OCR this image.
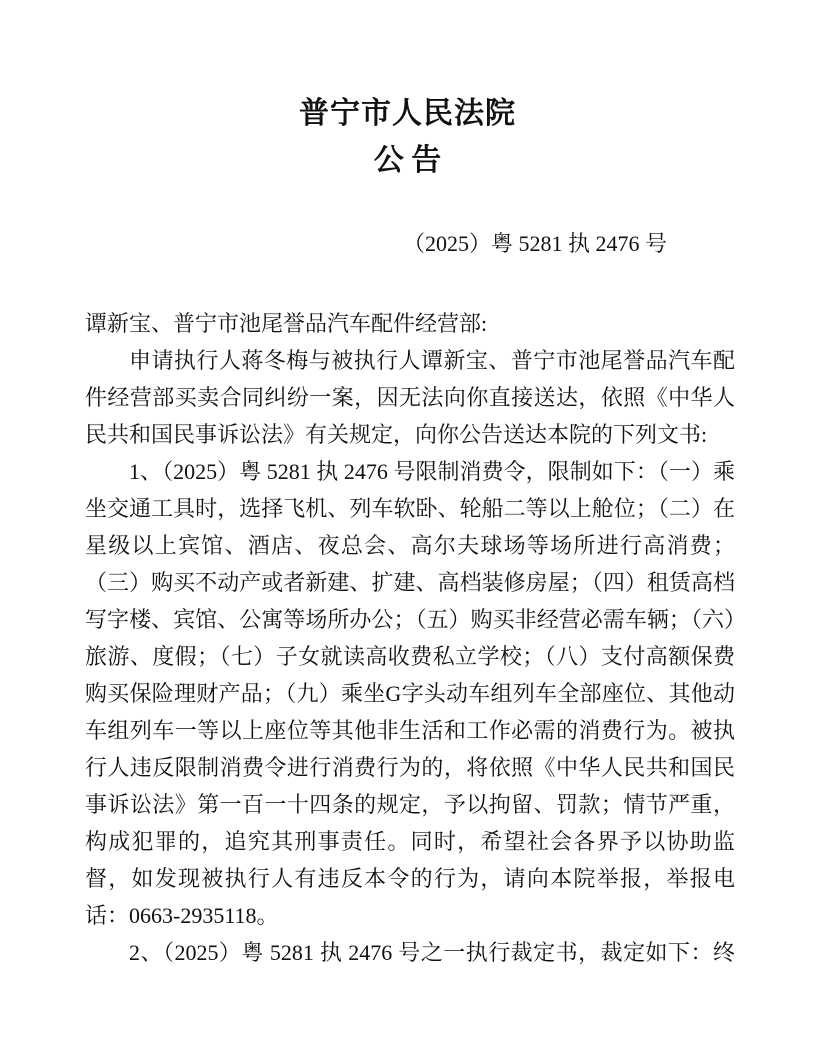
普宁市人民法院
公 告
（2025）粤 5281 执 2476 号

谭新宝、普宁市池尾誉品汽车配件经营部:

申请执行人蒋冬梅与被执行人谭新宝、普宁市池尾誉品汽车配件经营部买卖合同纠纷一案，因无法向你直接送达，依照《中华人民共和国民事诉讼法》有关规定，向你公告送达本院的下列文书:

1、（2025）粤 5281 执 2476 号限制消费令，限制如下：（一）乘坐交通工具时，选择飞机、列车软卧、轮船二等以上舱位；（二）在星级以上宾馆、酒店、夜总会、高尔夫球场等场所进行高消费；（三）购买不动产或者新建、扩建、高档装修房屋；（四）租赁高档写字楼、宾馆、公寓等场所办公；（五）购买非经营必需车辆；（六）旅游、度假；（七）子女就读高收费私立学校；（八）支付高额保费购买保险理财产品；（九）乘坐G字头动车组列车全部座位、其他动车组列车一等以上座位等其他非生活和工作必需的消费行为。被执行人违反限制消费令进行消费行为的，将依照《中华人民共和国民事诉讼法》第一百一十四条的规定，予以拘留、罚款；情节严重，构成犯罪的，追究其刑事责任。同时，希望社会各界予以协助监督，如发现被执行人有违反本令的行为，请向本院举报，举报电话：0663-2935118。

2、（2025）粤 5281 执 2476 号之一执行裁定书，裁定如下：终
